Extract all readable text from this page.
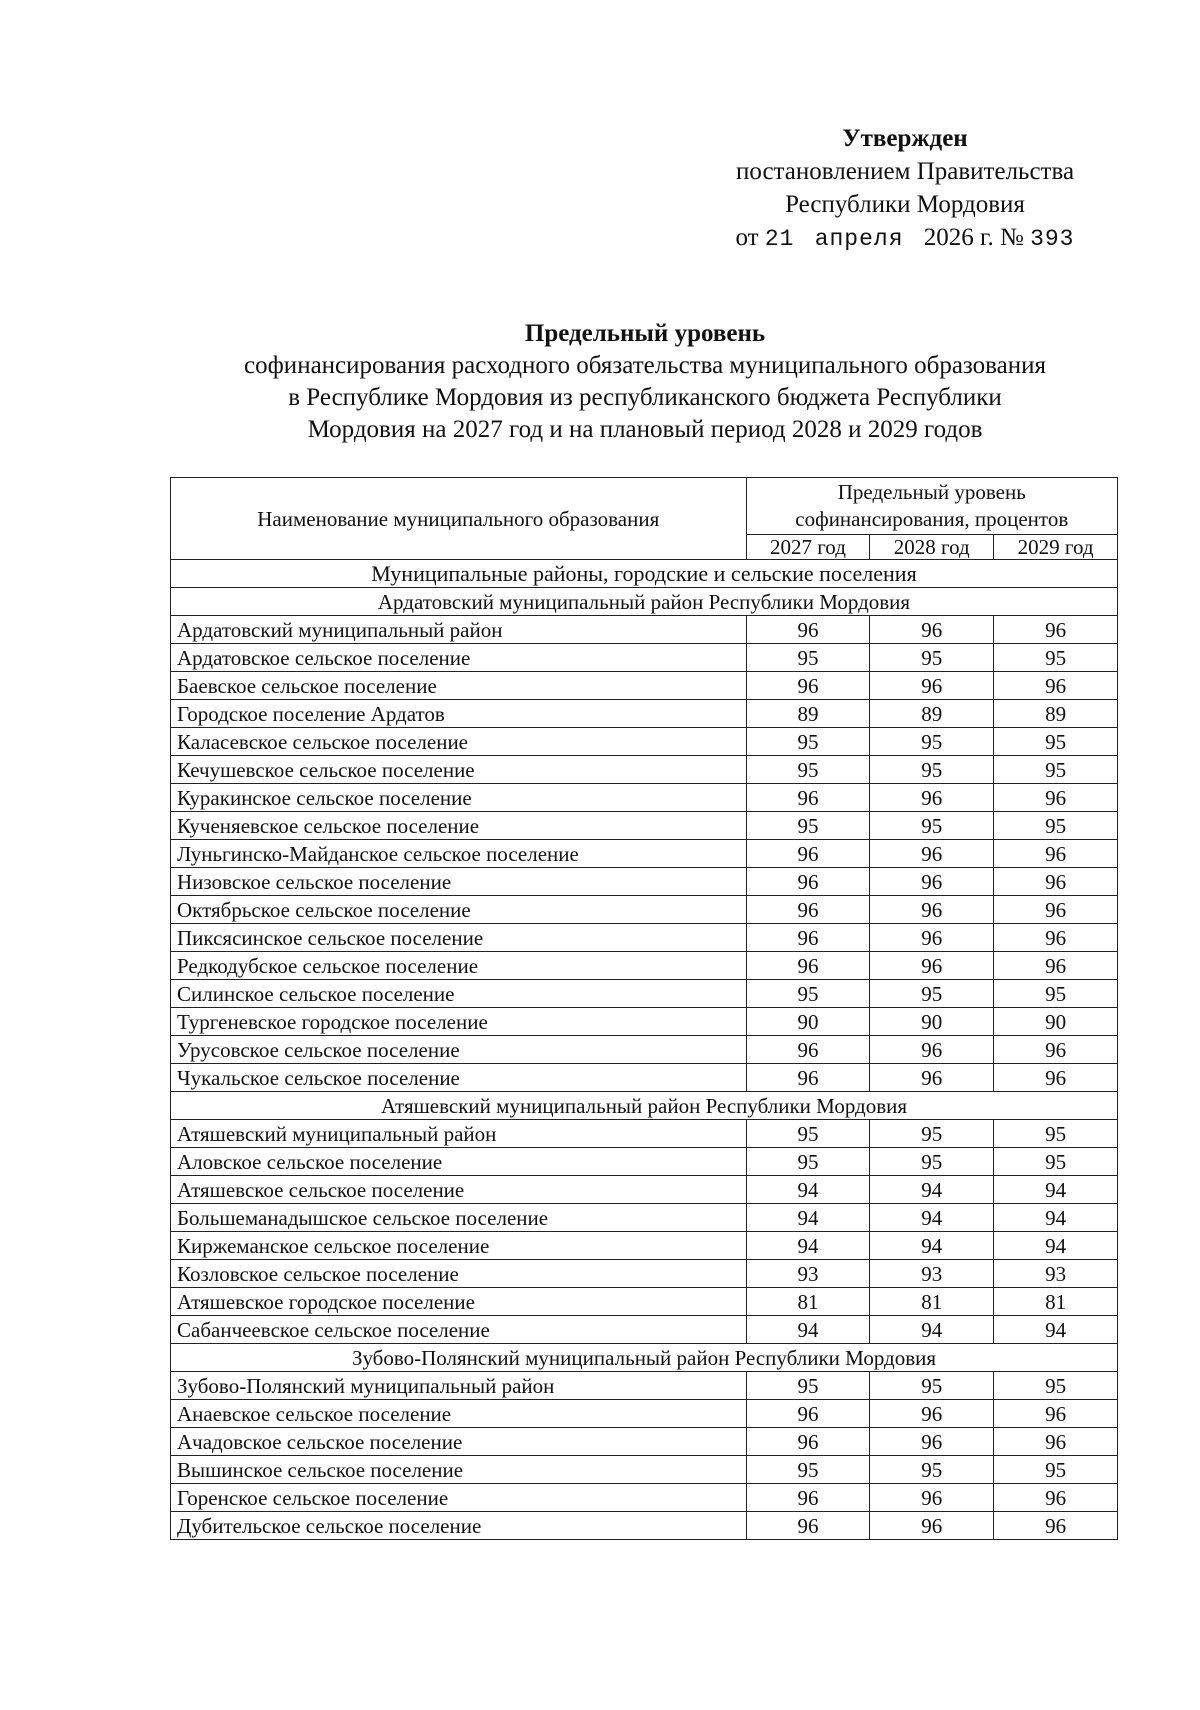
Утвержден
постановлением Правительства
Республики Мордовия
от 21 апреля 2026 г. № 393
Предельный уровень
софинансирования расходного обязательства муниципального образования
в Республике Мордовия из республиканского бюджета Республики
Мордовия на 2027 год и на плановый период 2028 и 2029 годов
Наименование муниципального образования	Предельный уровень
софинансирования, процентов		

	2027 год	2028 год	2029 год
Муниципальные районы, городские и сельские поселения			
Ардатовский муниципальный район Республики Мордовия			
Ардатовский муниципальный район	96	96	96
Ардатовское сельское поселение	95	95	95
Баевское сельское поселение	96	96	96
Городское поселение Ардатов	89	89	89
Каласевское сельское поселение	95	95	95
Кечушевское сельское поселение	95	95	95
Куракинское сельское поселение	96	96	96
Кученяевское сельское поселение	95	95	95
Луньгинско-Майданское сельское поселение	96	96	96
Низовское сельское поселение	96	96	96
Октябрьское сельское поселение	96	96	96
Пиксясинское сельское поселение	96	96	96
Редкодубское сельское поселение	96	96	96
Силинское сельское поселение	95	95	95
Тургеневское городское поселение	90	90	90
Урусовское сельское поселение	96	96	96
Чукальское сельское поселение	96	96	96
Атяшевский муниципальный район Республики Мордовия			
Атяшевский муниципальный район	95	95	95
Аловское сельское поселение	95	95	95
Атяшевское сельское поселение	94	94	94
Большеманадышское сельское поселение	94	94	94
Киржеманское сельское поселение	94	94	94
Козловское сельское поселение	93	93	93
Атяшевское городское поселение	81	81	81
Сабанчеевское сельское поселение	94	94	94
Зубово-Полянский муниципальный район Республики Мордовия			
Зубово-Полянский муниципальный район	95	95	95
Анаевское сельское поселение	96	96	96
Ачадовское сельское поселение	96	96	96
Вышинское сельское поселение	95	95	95
Горенское сельское поселение	96	96	96
Дубительское сельское поселение	96	96	96
